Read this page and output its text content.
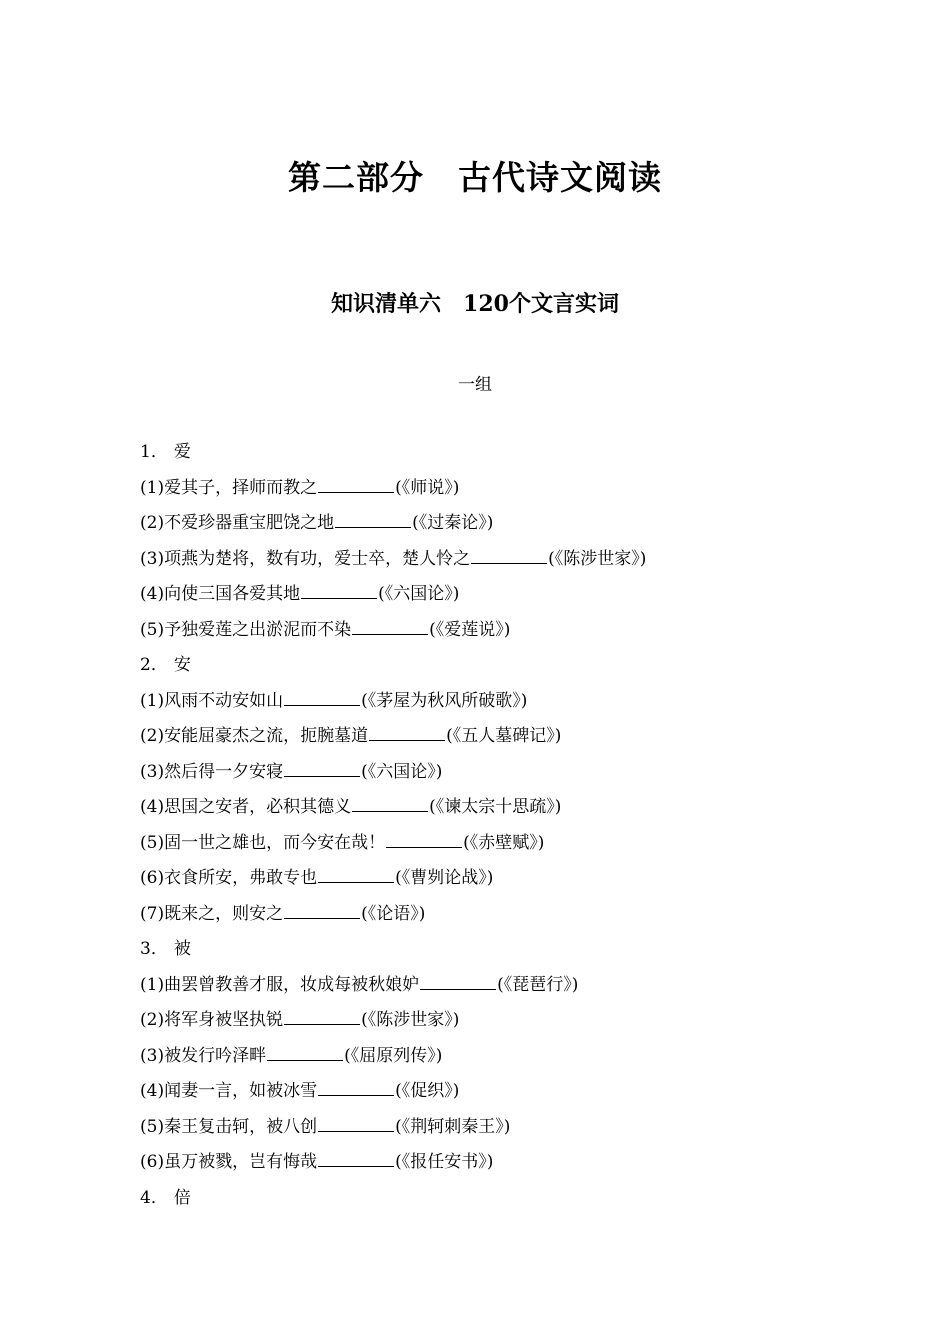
第二部分　古代诗文阅读
知识清单六　120个文言实词
一组
1． 爱
(1)爱其子，择师而教之	(《师说》)
(2)不爱珍器重宝肥饶之地	(《过秦论》)
(3)项燕为楚将，数有功，爱士卒，楚人怜之	(《陈涉世家》)
(4)向使三国各爱其地	(《六国论》)
(5)予独爱莲之出淤泥而不染	(《爱莲说》)
2． 安
(1)风雨不动安如山	(《茅屋为秋风所破歌》)
(2)安能屈豪杰之流，扼腕墓道	(《五人墓碑记》)
(3)然后得一夕安寝	(《六国论》)
(4)思国之安者，必积其德义	(《谏太宗十思疏》)
(5)固一世之雄也，而今安在哉！	(《赤壁赋》)
(6)衣食所安，弗敢专也	(《曹刿论战》)
(7)既来之，则安之	(《论语》)
3． 被
(1)曲罢曾教善才服，妆成每被秋娘妒	(《琵琶行》)
(2)将军身被坚执锐	(《陈涉世家》)
(3)被发行吟泽畔	(《屈原列传》)
(4)闻妻一言，如被冰雪	(《促织》)
(5)秦王复击轲，被八创	(《荆轲刺秦王》)
(6)虽万被戮，岂有悔哉	(《报任安书》)
4． 倍
